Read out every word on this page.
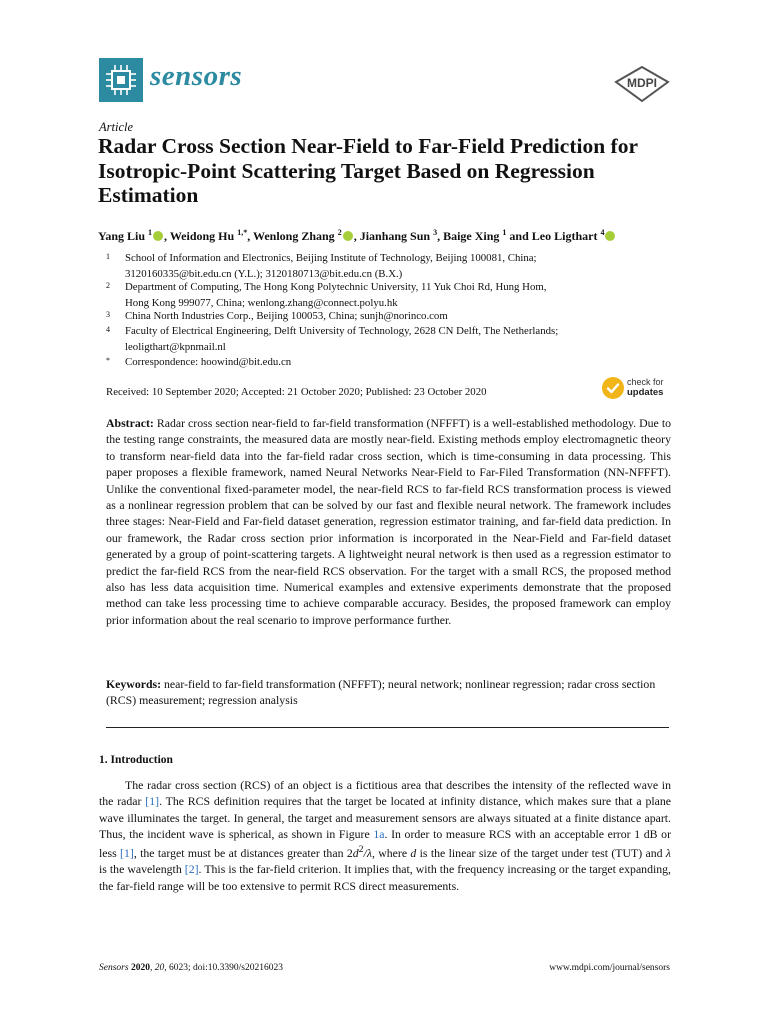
sensors	MDPI
Article
Radar Cross Section Near-Field to Far-Field Prediction for Isotropic-Point Scattering Target Based on Regression Estimation
Yang Liu $^1$ , Weidong Hu $^{1,*}$, Wenlong Zhang $^2$ , Jianhang Sun $^3$, Baige Xing $^1$ and Leo Ligthart $^4$
1 School of Information and Electronics, Beijing Institute of Technology, Beijing 100081, China;
3120160335@bit.edu.cn (Y.L.); 3120180713@bit.edu.cn (B.X.)
2 Department of Computing, The Hong Kong Polytechnic University, 11 Yuk Choi Rd, Hung Hom,
Hong Kong 999077, China; wenlong.zhang@connect.polyu.hk
3 China North Industries Corp., Beijing 100053, China; sunjh@norinco.com
4 Faculty of Electrical Engineering, Delft University of Technology, 2628 CN Delft, The Netherlands;
leoligthart@kpnmail.nl
* Correspondence: hoowind@bit.edu.cn
Received: 10 September 2020; Accepted: 21 October 2020; Published: 23 October 2020
check for
updates
Abstract: Radar cross section near-field to far-field transformation (NFFFT) is a well-established methodology. Due to the testing range constraints, the measured data are mostly near-field. Existing methods employ electromagnetic theory to transform near-field data into the far-field radar cross section, which is time-consuming in data processing. This paper proposes a flexible framework, named Neural Networks Near-Field to Far-Filed Transformation (NN-NFFFT). Unlike the conventional fixed-parameter model, the near-field RCS to far-field RCS transformation process is viewed as a nonlinear regression problem that can be solved by our fast and flexible neural network. The framework includes three stages: Near-Field and Far-field dataset generation, regression estimator training, and far-field data prediction. In our framework, the Radar cross section prior information is incorporated in the Near-Field and Far-field dataset generated by a group of point-scattering targets. A lightweight neural network is then used as a regression estimator to predict the far-field RCS from the near-field RCS observation. For the target with a small RCS, the proposed method also has less data acquisition time. Numerical examples and extensive experiments demonstrate that the proposed method can take less processing time to achieve comparable accuracy. Besides, the proposed framework can employ prior information about the real scenario to improve performance further.
Keywords: near-field to far-field transformation (NFFFT); neural network; nonlinear regression; radar cross section (RCS) measurement; regression analysis
1. Introduction
The radar cross section (RCS) of an object is a fictitious area that describes the intensity of the reflected wave in the radar [1]. The RCS definition requires that the target be located at infinity distance, which makes sure that a plane wave illuminates the target. In general, the target and measurement sensors are always situated at a finite distance apart. Thus, the incident wave is spherical, as shown in Figure 1a. In order to measure RCS with an acceptable error 1 dB or less [1], the target must be at distances greater than $2d^2/\lambda$, where d is the linear size of the target under test (TUT) and λ is the wavelength [2]. This is the far-field criterion. It implies that, with the frequency increasing or the target expanding, the far-field range will be too extensive to permit RCS direct measurements.
Sensors 2020, 20, 6023; doi:10.3390/s20216023	www.mdpi.com/journal/sensors
